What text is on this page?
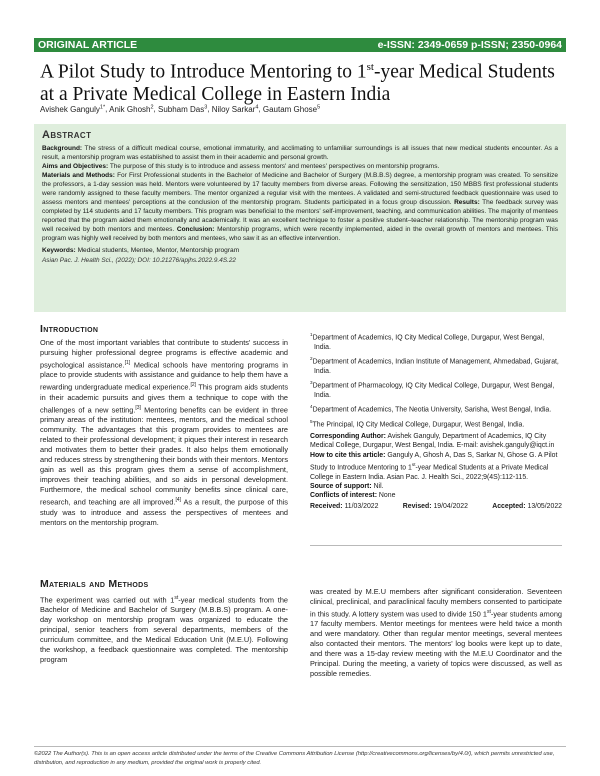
ORIGINAL ARTICLE	e-ISSN: 2349-0659 p-ISSN; 2350-0964
A Pilot Study to Introduce Mentoring to 1st-year Medical Students at a Private Medical College in Eastern India
Avishek Ganguly$^{1*}$, Anik Ghosh$^2$, Subham Das$^3$, Niloy Sarkar$^4$, Gautam Ghose$^5$
Abstract
Background: The stress of a difficult medical course, emotional immaturity, and acclimating to unfamiliar surroundings is all issues that new medical students encounter. As a result, a mentorship program was established to assist them in their academic and personal growth.
Aims and Objectives: The purpose of this study is to introduce and assess mentors' and mentees' perspectives on mentorship programs.
Materials and Methods: For First Professional students in the Bachelor of Medicine and Bachelor of Surgery (M.B.B.S) degree, a mentorship program was created. To sensitize the professors, a 1-day session was held. Mentors were volunteered by 17 faculty members from diverse areas. Following the sensitization, 150 MBBS first professional students were randomly assigned to these faculty members. The mentor organized a regular visit with the mentees. A validated and semi-structured feedback questionnaire was used to assess mentors and mentees' perceptions at the conclusion of the mentorship program. Students participated in a focus group discussion. Results: The feedback survey was completed by 114 students and 17 faculty members. This program was beneficial to the mentors' self-improvement, teaching, and communication abilities. The majority of mentees reported that the program aided them emotionally and academically. It was an excellent technique to foster a positive student–teacher relationship. The mentorship program was well received by both mentors and mentees. Conclusion: Mentorship programs, which were recently implemented, aided in the overall growth of mentors and mentees. This program was highly well received by both mentors and mentees, who saw it as an effective intervention.
Keywords: Medical students, Mentee, Mentor, Mentorship program
Asian Pac. J. Health Sci., (2022); DOI: 10.21276/apjhs.2022.9.4S.22
Introduction
One of the most important variables that contribute to students' success in pursuing higher professional degree programs is effective academic and psychological assistance.[1] Medical schools have mentoring programs in place to provide students with assistance and guidance to help them have a rewarding undergraduate medical experience.[2] This program aids students in their academic pursuits and gives them a technique to cope with the challenges of a new setting.[3] Mentoring benefits can be evident in three primary areas of the institution: mentees, mentors, and the medical school community. The advantages that this program provides to mentees are related to their professional development; it piques their interest in research and motivates them to better their grades. It also helps them emotionally and reduces stress by strengthening their bonds with their mentors. Mentors gain as well as this program gives them a sense of accomplishment, improves their teaching abilities, and so aids in personal development. Furthermore, the medical school community benefits since clinical care, research, and teaching are all improved.[4] As a result, the purpose of this study was to introduce and assess the perspectives of mentees and mentors on the mentorship program.
Materials and Methods
The experiment was carried out with 1st-year medical students from the Bachelor of Medicine and Bachelor of Surgery (M.B.B.S) program. A one-day workshop on mentorship program was organized to educate the principal, senior teachers from several departments, members of the curriculum committee, and the Medical Education Unit (M.E.U). Following the workshop, a feedback questionnaire was completed. The mentorship program
$^1$Department of Academics, IQ City Medical College, Durgapur, West Bengal, India.
$^2$Department of Academics, Indian Institute of Management, Ahmedabad, Gujarat, India.
$^3$Department of Pharmacology, IQ City Medical College, Durgapur, West Bengal, India.
$^4$Department of Academics, The Neotia University, Sarisha, West Bengal, India.
$^5$The Principal, IQ City Medical College, Durgapur, West Bengal, India.
Corresponding Author: Avishek Ganguly, Department of Academics, IQ City Medical College, Durgapur, West Bengal, India. E-mail: avishek.ganguly@iqct.in
How to cite this article: Ganguly A, Ghosh A, Das S, Sarkar N, Ghose G. A Pilot Study to Introduce Mentoring to 1st-year Medical Students at a Private Medical College in Eastern India. Asian Pac. J. Health Sci., 2022;9(4S):112-115.
Source of support: Nil.
Conflicts of interest: None
Received: 11/03/2022	Revised: 19/04/2022	Accepted: 13/05/2022
was created by M.E.U members after significant consideration. Seventeen clinical, preclinical, and paraclinical faculty members consented to participate in this study. A lottery system was used to divide 150 1st-year students among 17 faculty members. Mentor meetings for mentees were held twice a month and were mandatory. Other than regular mentor meetings, several mentees also contacted their mentors. The mentors' log books were kept up to date, and there was a 15-day review meeting with the M.E.U Coordinator and the Principal. During the meeting, a variety of topics were discussed, as well as possible remedies.
©2022 The Author(s). This is an open access article distributed under the terms of the Creative Commons Attribution License (http://creativecommons.org/licenses/by/4.0/), which permits unrestricted use, distribution, and reproduction in any medium, provided the original work is properly cited.
